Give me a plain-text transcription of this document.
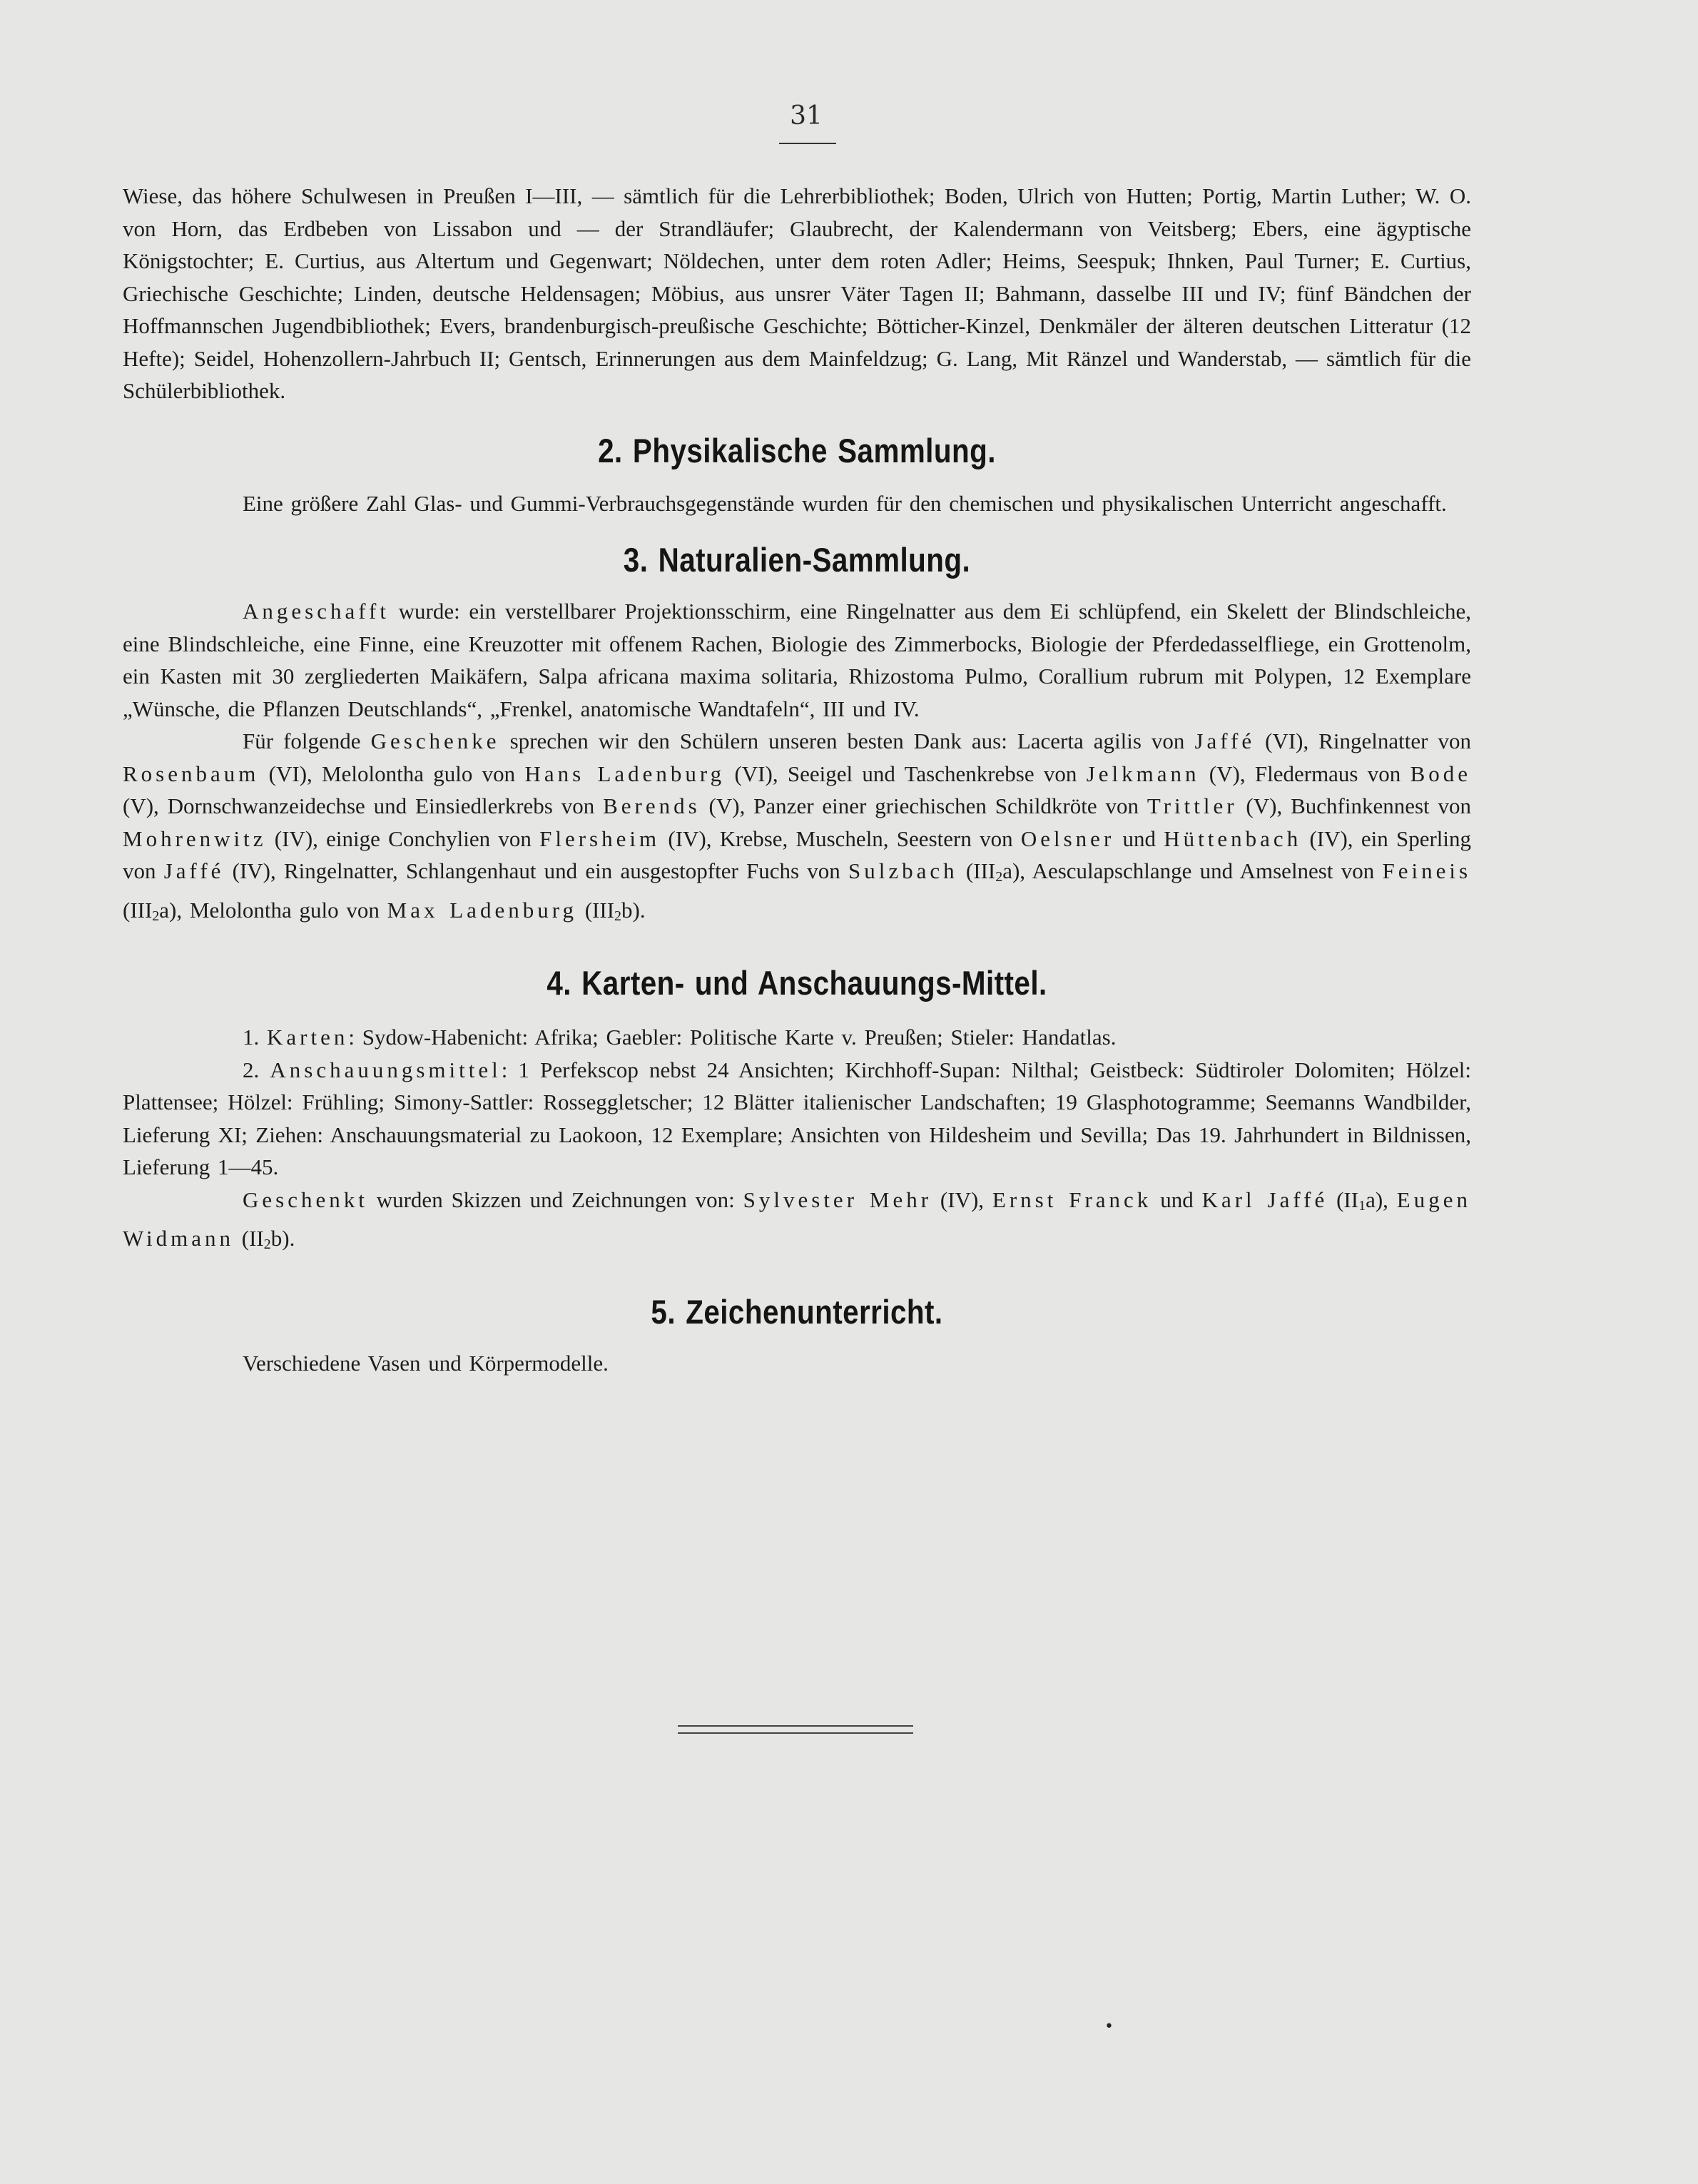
31

Wiese, das höhere Schulwesen in Preußen I—III, — sämtlich für die Lehrerbibliothek; Boden, Ulrich von Hutten; Portig, Martin Luther; W. O. von Horn, das Erdbeben von Lissabon und — der Strandläufer; Glaubrecht, der Kalendermann von Veitsberg; Ebers, eine ägyptische Königstochter; E. Curtius, aus Altertum und Gegenwart; Nöldechen, unter dem roten Adler; Heims, Seespuk; Ihnken, Paul Turner; E. Curtius, Griechische Geschichte; Linden, deutsche Heldensagen; Möbius, aus unsrer Väter Tagen II; Bahmann, dasselbe III und IV; fünf Bändchen der Hoffmannschen Jugendbibliothek; Evers, brandenburgisch-preußische Geschichte; Bötticher-Kinzel, Denkmäler der älteren deutschen Litteratur (12 Hefte); Seidel, Hohenzollern-Jahrbuch II; Gentsch, Erinnerungen aus dem Mainfeldzug; G. Lang, Mit Ränzel und Wanderstab, — sämtlich für die Schülerbibliothek.

2. Physikalische Sammlung.

Eine größere Zahl Glas- und Gummi-Verbrauchsgegenstände wurden für den chemischen und physikalischen Unterricht angeschafft.

3. Naturalien-Sammlung.

Angeschafft wurde: ein verstellbarer Projektionsschirm, eine Ringelnatter aus dem Ei schlüpfend, ein Skelett der Blindschleiche, eine Blindschleiche, eine Finne, eine Kreuzotter mit offenem Rachen, Biologie des Zimmerbocks, Biologie der Pferdedasselfliege, ein Grottenolm, ein Kasten mit 30 zergliederten Maikäfern, Salpa africana maxima solitaria, Rhizostoma Pulmo, Corallium rubrum mit Polypen, 12 Exemplare „Wünsche, die Pflanzen Deutschlands“, „Frenkel, anatomische Wandtafeln“, III und IV.

Für folgende Geschenke sprechen wir den Schülern unseren besten Dank aus: Lacerta agilis von Jaffé (VI), Ringelnatter von Rosenbaum (VI), Melolontha gulo von Hans Ladenburg (VI), Seeigel und Taschenkrebse von Jelkmann (V), Fledermaus von Bode (V), Dornschwanzeidechse und Einsiedlerkrebs von Berends (V), Panzer einer griechischen Schildkröte von Trittler (V), Buchfinkennest von Mohrenwitz (IV), einige Conchylien von Flersheim (IV), Krebse, Muscheln, Seestern von Oelsner und Hüttenbach (IV), ein Sperling von Jaffé (IV), Ringelnatter, Schlangenhaut und ein ausgestopfter Fuchs von Sulzbach $(III_2a)$, Aesculapschlange und Amselnest von Feineis $(III_2a)$, Melolontha gulo von Max Ladenburg $(III_2b)$.

4. Karten- und Anschauungs-Mittel.

1. Karten: Sydow-Habenicht: Afrika; Gaebler: Politische Karte v. Preußen; Stieler: Handatlas.

2. Anschauungsmittel: 1 Perfekscop nebst 24 Ansichten; Kirchhoff-Supan: Nilthal; Geistbeck: Südtiroler Dolomiten; Hölzel: Plattensee; Hölzel: Frühling; Simony-Sattler: Rosseggletscher; 12 Blätter italienischer Landschaften; 19 Glasphotogramme; Seemanns Wandbilder, Lieferung XI; Ziehen: Anschauungsmaterial zu Laokoon, 12 Exemplare; Ansichten von Hildesheim und Sevilla; Das 19. Jahrhundert in Bildnissen, Lieferung 1—45.

Geschenkt wurden Skizzen und Zeichnungen von: Sylvester Mehr (IV), Ernst Franck und Karl Jaffé $(II_1a)$, Eugen Widmann $(II_2b)$.

5. Zeichenunterricht.

Verschiedene Vasen und Körpermodelle.

•
